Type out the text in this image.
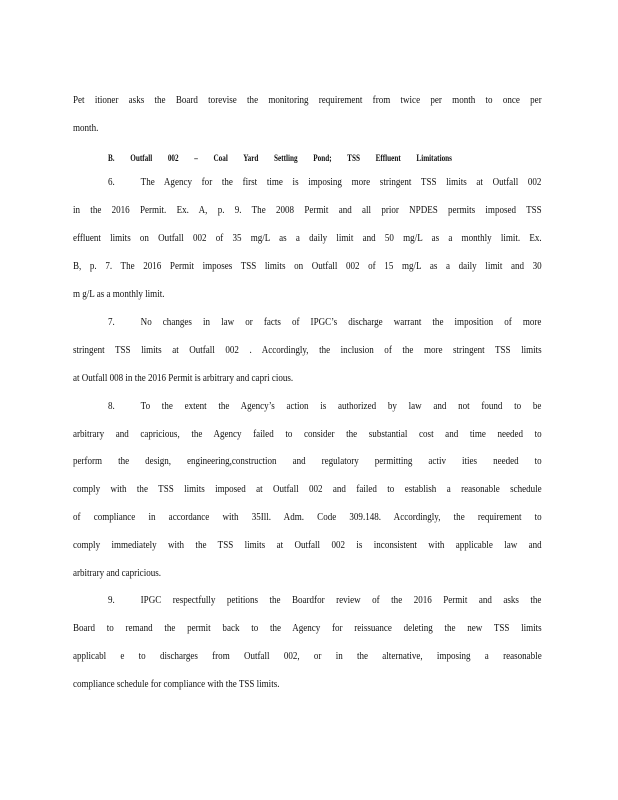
Pet itioner asks the Board torevise the monitoring requirement from twice per month to once per
month.
B. Outfall 002 – Coal Yard Settling Pond; TSS Effluent Limitations
6. The Agency for the first time is imposing more stringent TSS limits at Outfall 002
in the 2016 Permit. Ex. A, p. 9. The 2008 Permit and all prior NPDES permits imposed TSS
effluent limits on Outfall 002 of 35 mg/L as a daily limit and 50 mg/L as a monthly limit. Ex.
B, p. 7. The 2016 Permit imposes TSS limits on Outfall 002 of 15 mg/L as a daily limit and 30
m g/L as a monthly limit.
7. No changes in law or facts of IPGC’s discharge warrant the imposition of more
stringent TSS limits at Outfall 002 . Accordingly, the inclusion of the more stringent TSS limits
at Outfall 008 in the 2016 Permit is arbitrary and capri cious.
8. To the extent the Agency’s action is authorized by law and not found to be
arbitrary and capricious, the Agency failed to consider the substantial cost and time needed to
perform the design, engineering,construction and regulatory permitting activ ities needed to
comply with the TSS limits imposed at Outfall 002 and failed to establish a reasonable schedule
of compliance in accordance with 35Ill. Adm. Code 309.148. Accordingly, the requirement to
comply immediately with the TSS limits at Outfall 002 is inconsistent with applicable law and
arbitrary and capricious.
9. IPGC respectfully petitions the Boardfor review of the 2016 Permit and asks the
Board to remand the permit back to the Agency for reissuance deleting the new TSS limits
applicabl e to discharges from Outfall 002, or in the alternative, imposing a reasonable
compliance schedule for compliance with the TSS limits.
